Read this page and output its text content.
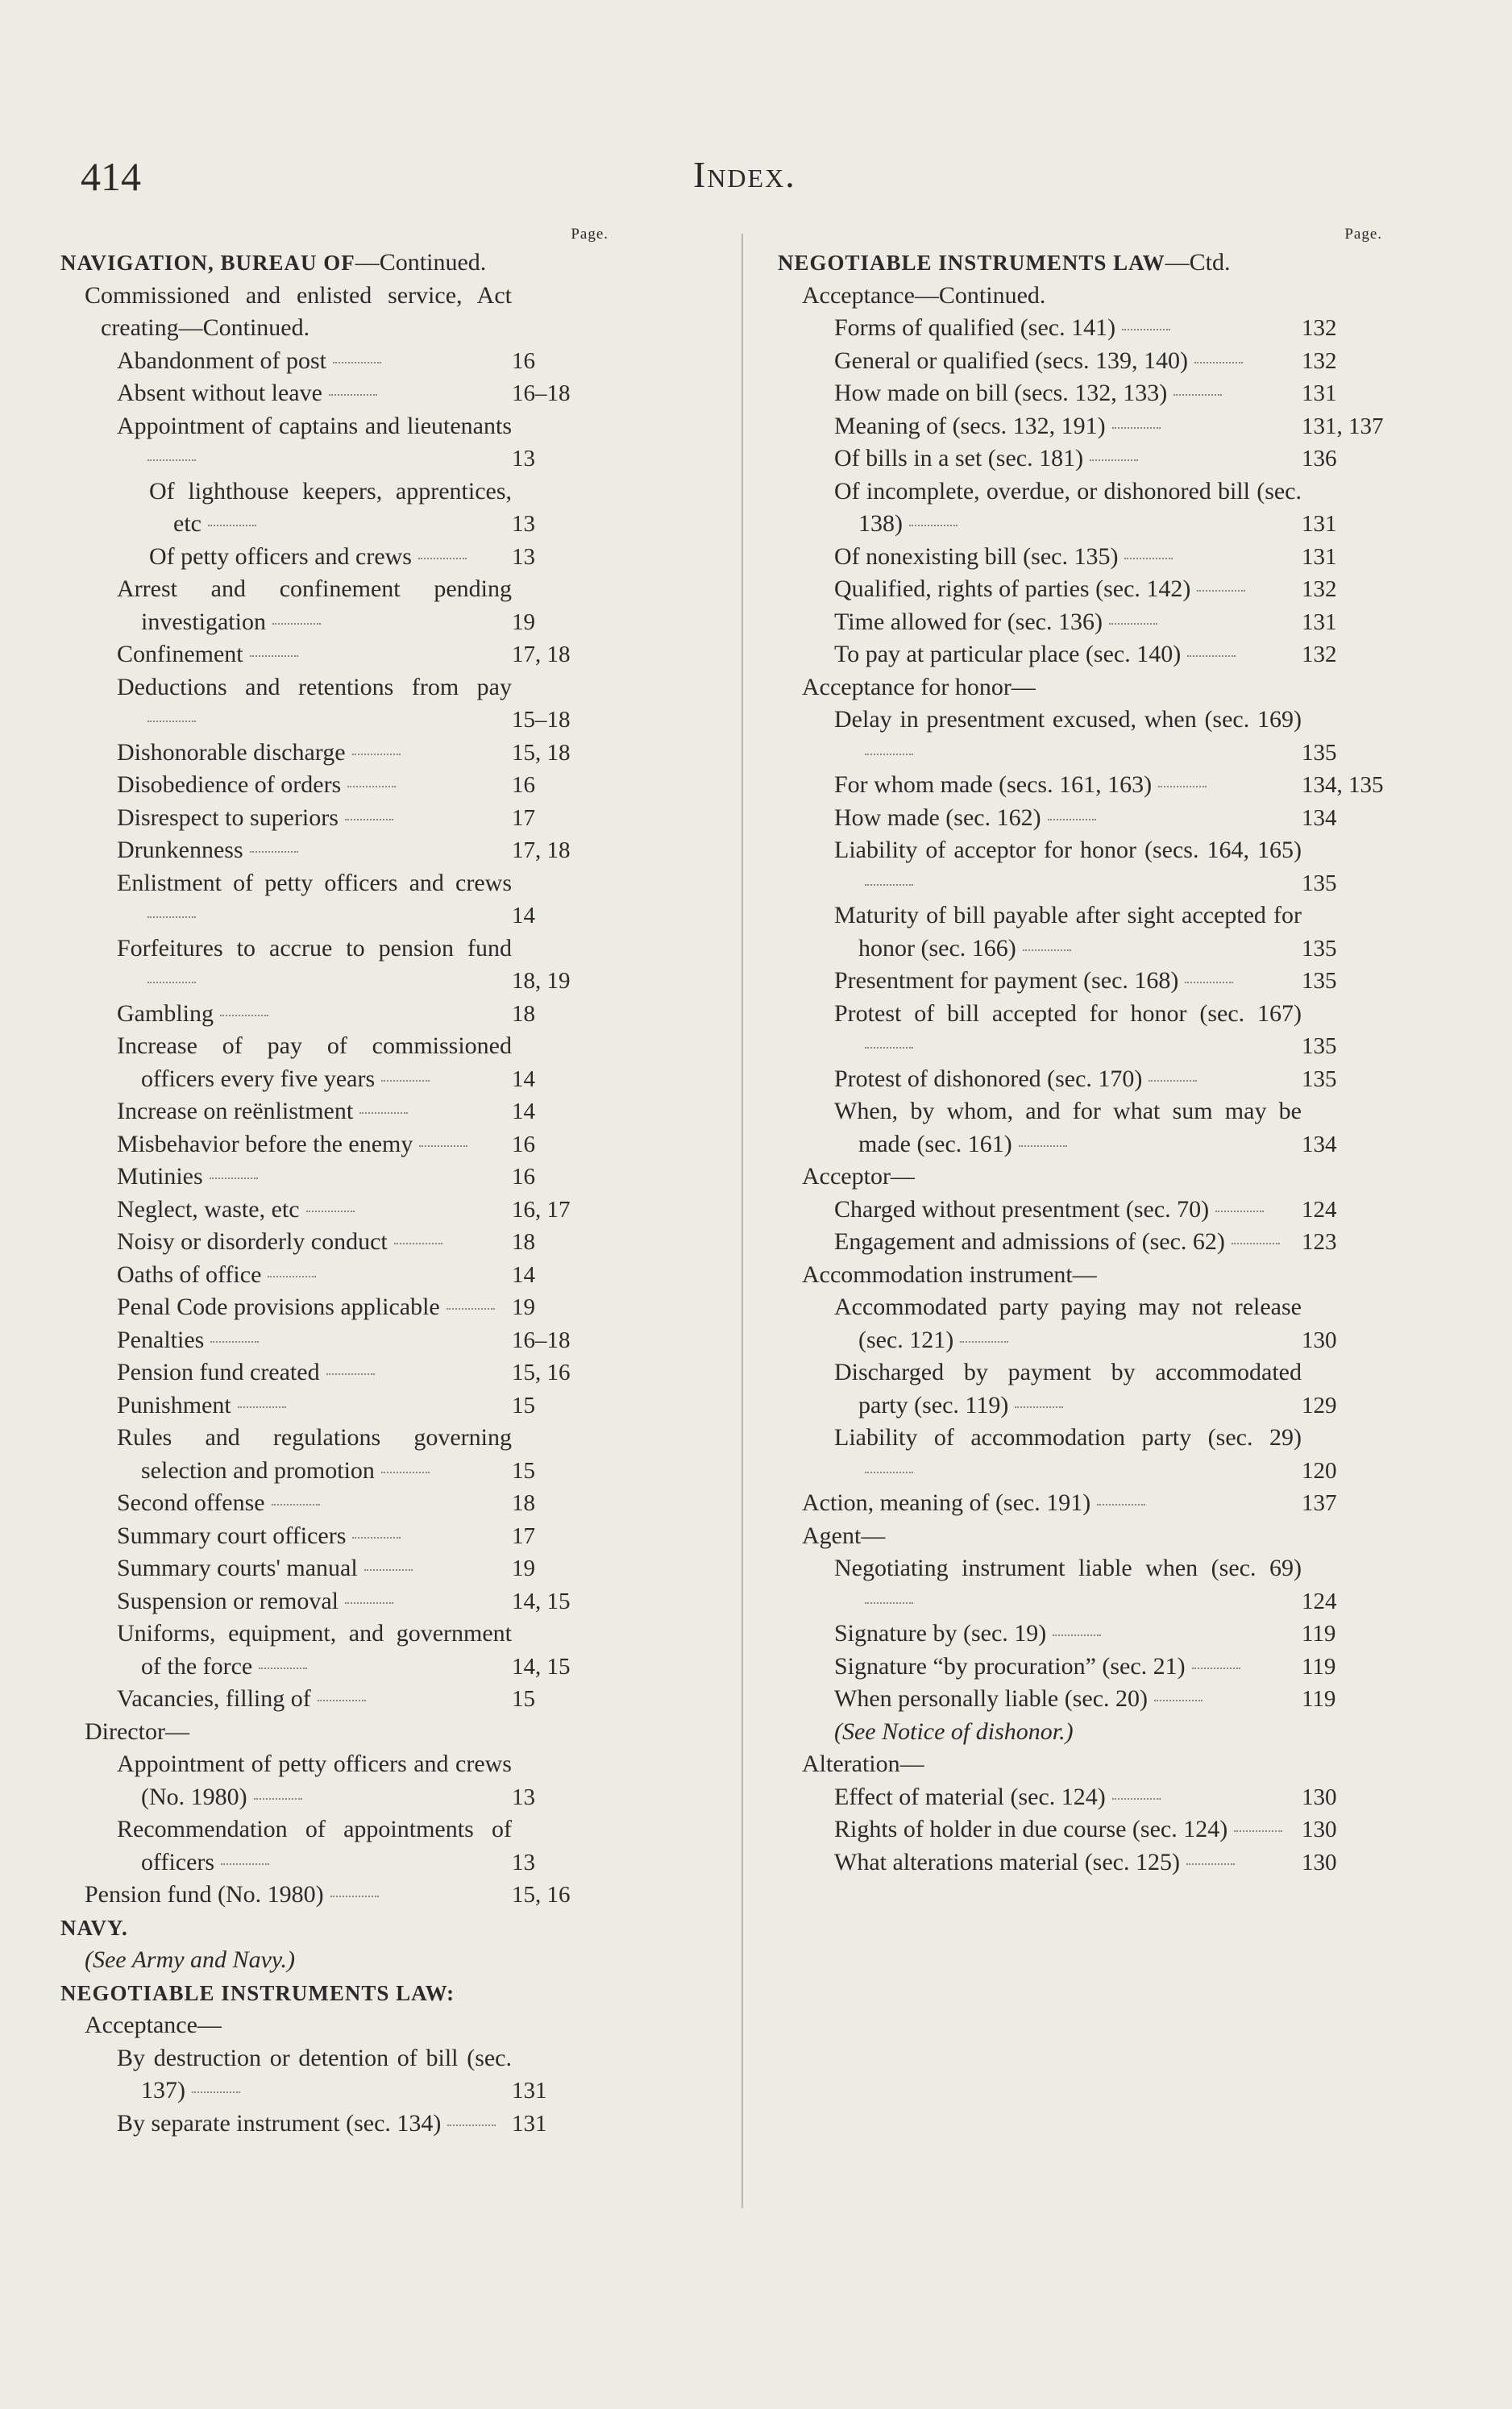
414	Index.
Page.
NAVIGATION, BUREAU OF—Continued.
Commissioned and enlisted service, Act creating—Continued.
Abandonment of post	16
Absent without leave	16–18
Appointment of captains and lieutenants
13
Of lighthouse keepers, apprentices, etc	13
Of petty officers and crews	13
Arrest and confinement pending investigation	19
Confinement	17, 18
Deductions and retentions from pay
15–18
Dishonorable discharge	15, 18
Disobedience of orders	16
Disrespect to superiors	17
Drunkenness	17, 18
Enlistment of petty officers and crews
14
Forfeitures to accrue to pension fund
18, 19
Gambling	18
Increase of pay of commissioned officers every five years	14
Increase on reënlistment	14
Misbehavior before the enemy	16
Mutinies	16
Neglect, waste, etc	16, 17
Noisy or disorderly conduct	18
Oaths of office	14
Penal Code provisions applicable	19
Penalties	16–18
Pension fund created	15, 16
Punishment	15
Rules and regulations governing selection and promotion	15
Second offense	18
Summary court officers	17
Summary courts' manual	19
Suspension or removal	14, 15
Uniforms, equipment, and government of the force	14, 15
Vacancies, filling of	15
Director—
Appointment of petty officers and crews (No. 1980)	13
Recommendation of appointments of officers	13
Pension fund (No. 1980)	15, 16
NAVY.
(See Army and Navy.)
NEGOTIABLE INSTRUMENTS LAW:
Acceptance—
By destruction or detention of bill (sec. 137)	131
By separate instrument (sec. 134)	131
Page.
NEGOTIABLE INSTRUMENTS LAW—Ctd.
Acceptance—Continued.
Forms of qualified (sec. 141)	132
General or qualified (secs. 139, 140)	132
How made on bill (secs. 132, 133)	131
Meaning of (secs. 132, 191)	131, 137
Of bills in a set (sec. 181)	136
Of incomplete, overdue, or dishonored bill (sec. 138)	131
Of nonexisting bill (sec. 135)	131
Qualified, rights of parties (sec. 142)	132
Time allowed for (sec. 136)	131
To pay at particular place (sec. 140)	132
Acceptance for honor—
Delay in presentment excused, when (sec. 169)
135
For whom made (secs. 161, 163)	134, 135
How made (sec. 162)	134
Liability of acceptor for honor (secs. 164, 165)
135
Maturity of bill payable after sight accepted for honor (sec. 166)	135
Presentment for payment (sec. 168)	135
Protest of bill accepted for honor (sec. 167)
135
Protest of dishonored (sec. 170)	135
When, by whom, and for what sum may be made (sec. 161)	134
Acceptor—
Charged without presentment (sec. 70)	124
Engagement and admissions of (sec. 62)	123
Accommodation instrument—
Accommodated party paying may not release (sec. 121)	130
Discharged by payment by accommodated party (sec. 119)	129
Liability of accommodation party (sec. 29)
120
Action, meaning of (sec. 191)	137
Agent—
Negotiating instrument liable when (sec. 69)
124
Signature by (sec. 19)	119
Signature “by procuration” (sec. 21)	119
When personally liable (sec. 20)	119
(See Notice of dishonor.)
Alteration—
Effect of material (sec. 124)	130
Rights of holder in due course (sec. 124)	130
What alterations material (sec. 125)	130
